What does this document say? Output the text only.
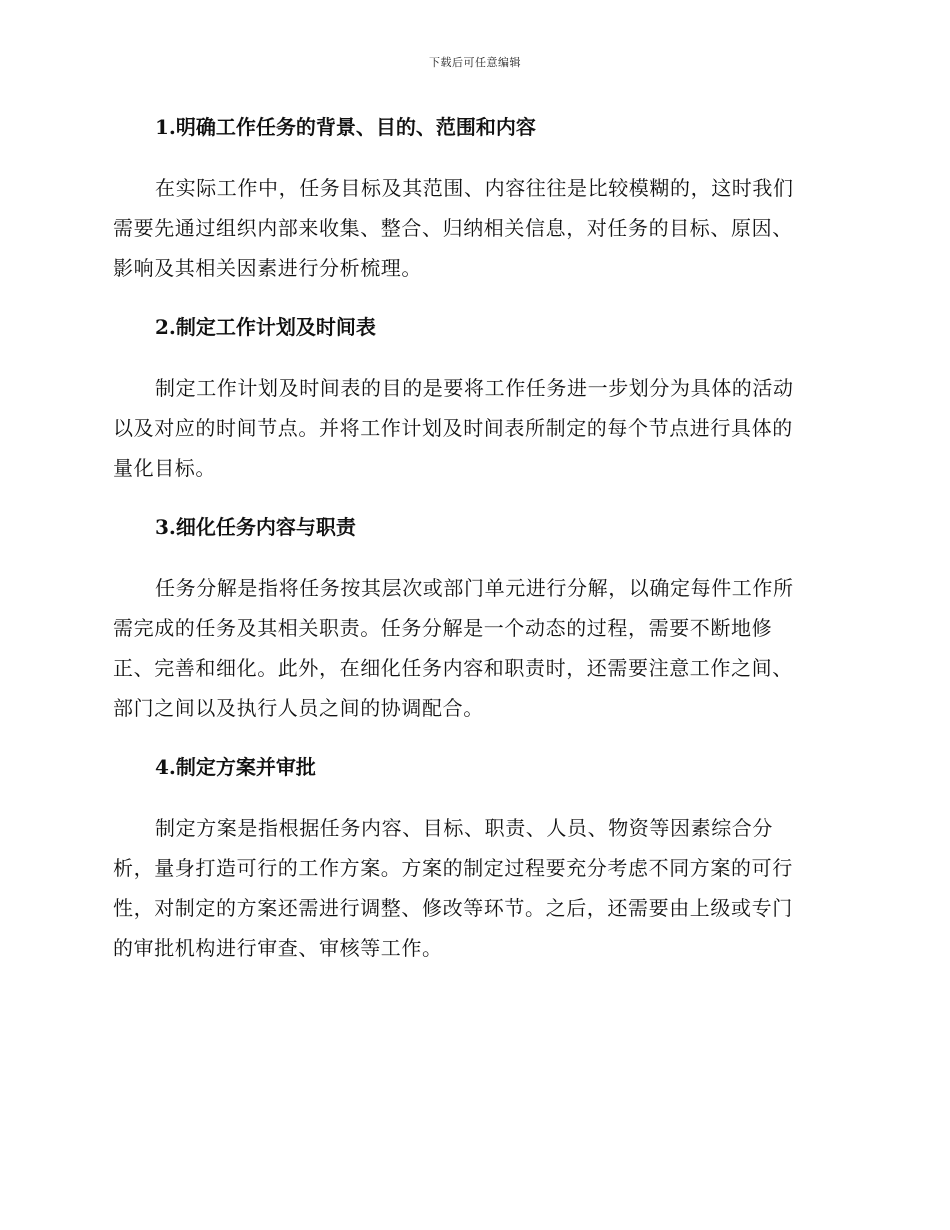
下载后可任意编辑

1.明确工作任务的背景、目的、范围和内容

在实际工作中，任务目标及其范围、内容往往是比较模糊的，这时我们
需要先通过组织内部来收集、整合、归纳相关信息，对任务的目标、原因、
影响及其相关因素进行分析梳理。

2.制定工作计划及时间表

制定工作计划及时间表的目的是要将工作任务进一步划分为具体的活动
以及对应的时间节点。并将工作计划及时间表所制定的每个节点进行具体的
量化目标。

3.细化任务内容与职责

任务分解是指将任务按其层次或部门单元进行分解，以确定每件工作所
需完成的任务及其相关职责。任务分解是一个动态的过程，需要不断地修
正、完善和细化。此外，在细化任务内容和职责时，还需要注意工作之间、
部门之间以及执行人员之间的协调配合。

4.制定方案并审批

制定方案是指根据任务内容、目标、职责、人员、物资等因素综合分
析，量身打造可行的工作方案。方案的制定过程要充分考虑不同方案的可行
性，对制定的方案还需进行调整、修改等环节。之后，还需要由上级或专门
的审批机构进行审查、审核等工作。
